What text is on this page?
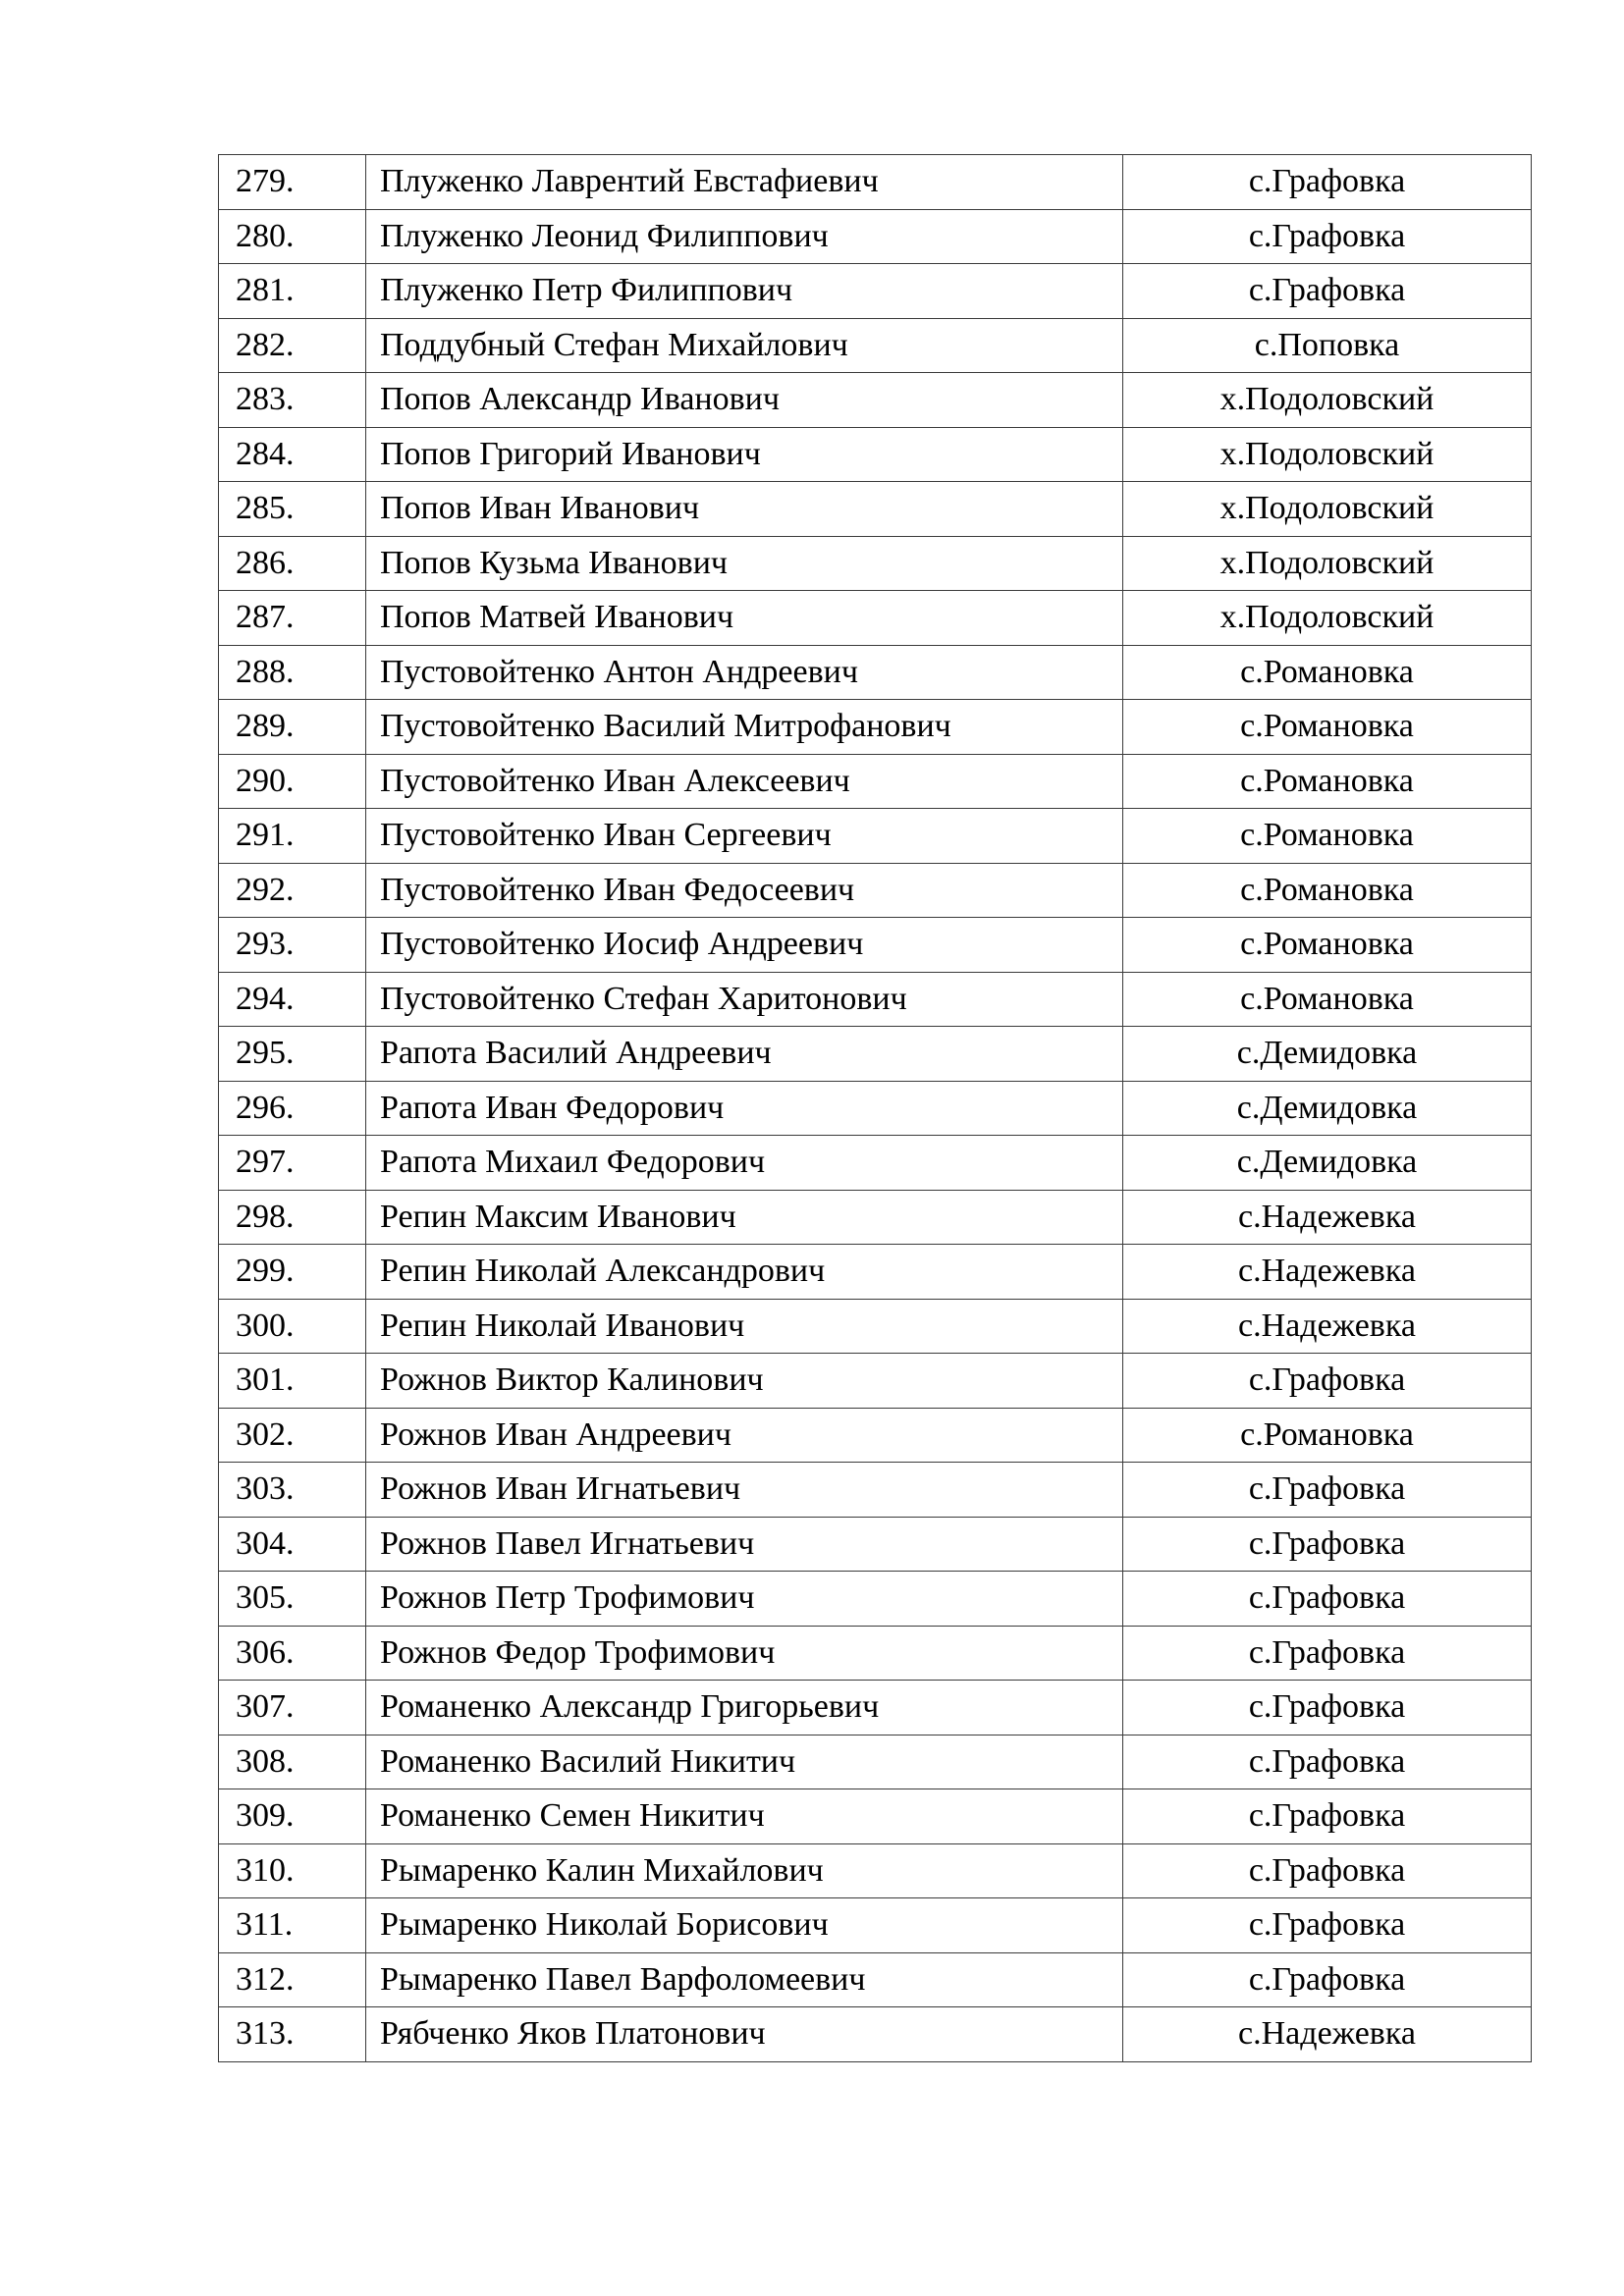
279.	Плуженко Лаврентий Евстафиевич	с.Графовка
280.	Плуженко Леонид Филиппович	с.Графовка
281.	Плуженко Петр Филиппович	с.Графовка
282.	Поддубный Стефан Михайлович	с.Поповка
283.	Попов Александр Иванович	х.Подоловский
284.	Попов Григорий Иванович	х.Подоловский
285.	Попов Иван Иванович	х.Подоловский
286.	Попов Кузьма Иванович	х.Подоловский
287.	Попов Матвей Иванович	х.Подоловский
288.	Пустовойтенко Антон Андреевич	с.Романовка
289.	Пустовойтенко Василий Митрофанович	с.Романовка
290.	Пустовойтенко Иван Алексеевич	с.Романовка
291.	Пустовойтенко Иван Сергеевич	с.Романовка
292.	Пустовойтенко Иван Федосеевич	с.Романовка
293.	Пустовойтенко Иосиф Андреевич	с.Романовка
294.	Пустовойтенко Стефан Харитонович	с.Романовка
295.	Рапота Василий Андреевич	с.Демидовка
296.	Рапота Иван Федорович	с.Демидовка
297.	Рапота Михаил Федорович	с.Демидовка
298.	Репин Максим Иванович	с.Надежевка
299.	Репин Николай Александрович	с.Надежевка
300.	Репин Николай Иванович	с.Надежевка
301.	Рожнов Виктор Калинович	с.Графовка
302.	Рожнов Иван Андреевич	с.Романовка
303.	Рожнов Иван Игнатьевич	с.Графовка
304.	Рожнов Павел Игнатьевич	с.Графовка
305.	Рожнов Петр Трофимович	с.Графовка
306.	Рожнов Федор Трофимович	с.Графовка
307.	Романенко Александр Григорьевич	с.Графовка
308.	Романенко Василий Никитич	с.Графовка
309.	Романенко Семен Никитич	с.Графовка
310.	Рымаренко Калин Михайлович	с.Графовка
311.	Рымаренко Николай Борисович	с.Графовка
312.	Рымаренко Павел Варфоломеевич	с.Графовка
313.	Рябченко Яков Платонович	с.Надежевка
